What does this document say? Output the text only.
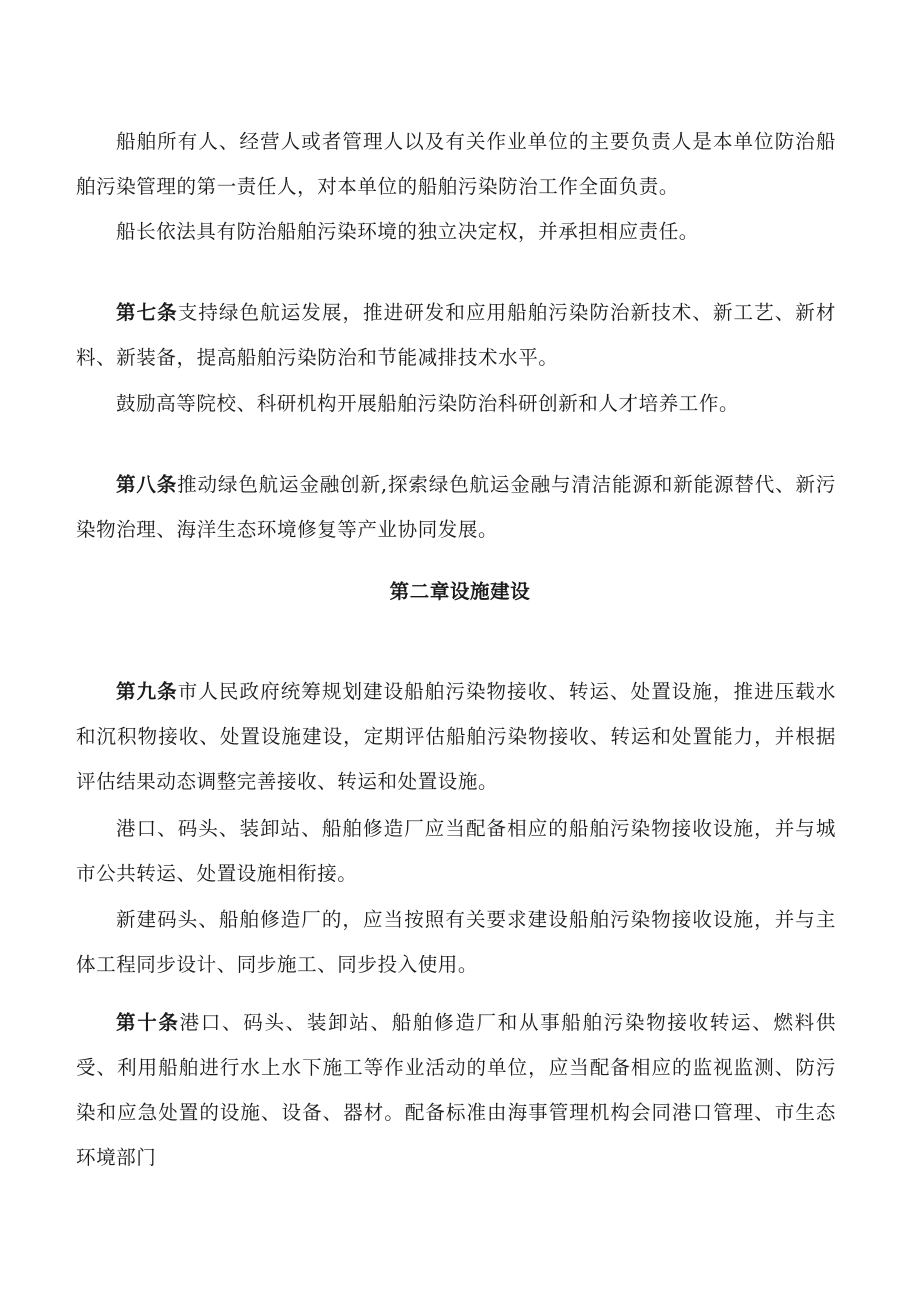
船舶所有人、经营人或者管理人以及有关作业单位的主要负责人是本单位防治船舶污染管理的第一责任人，对本单位的船舶污染防治工作全面负责。

船长依法具有防治船舶污染环境的独立决定权，并承担相应责任。

第七条支持绿色航运发展，推进研发和应用船舶污染防治新技术、新工艺、新材料、新装备，提高船舶污染防治和节能减排技术水平。

鼓励高等院校、科研机构开展船舶污染防治科研创新和人才培养工作。

第八条推动绿色航运金融创新,探索绿色航运金融与清洁能源和新能源替代、新污染物治理、海洋生态环境修复等产业协同发展。

第二章设施建设

第九条市人民政府统筹规划建设船舶污染物接收、转运、处置设施，推进压载水和沉积物接收、处置设施建设，定期评估船舶污染物接收、转运和处置能力，并根据评估结果动态调整完善接收、转运和处置设施。

港口、码头、装卸站、船舶修造厂应当配备相应的船舶污染物接收设施，并与城市公共转运、处置设施相衔接。

新建码头、船舶修造厂的，应当按照有关要求建设船舶污染物接收设施，并与主体工程同步设计、同步施工、同步投入使用。

第十条港口、码头、装卸站、船舶修造厂和从事船舶污染物接收转运、燃料供受、利用船舶进行水上水下施工等作业活动的单位，应当配备相应的监视监测、防污染和应急处置的设施、设备、器材。配备标准由海事管理机构会同港口管理、市生态环境部门
